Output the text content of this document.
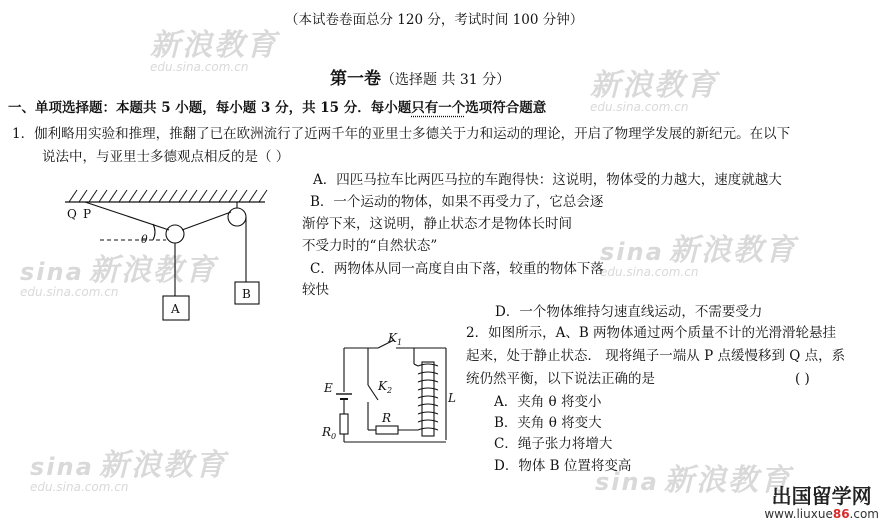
新浪教育
edu.sina.com.cn
新浪教育
edu.sina.com.cn
sina 新浪教育
edu.sina.com.cn
sina 新浪教育
edu.sina.com.cn
sina 新浪教育
edu.sina.com.cn	sina 新浪教育
（本试卷卷面总分 120 分，考试时间 100 分钟）
第一卷（选择题 共 31 分）
一、单项选择题：本题共 5 小题，每小题 3 分，共 15 分．每小题只有一个选项符合题意
1．伽利略用实验和推理，推翻了已在欧洲流行了近两千年的亚里士多德关于力和运动的理论，开启了物理学发展的新纪元。在以下
说法中，与亚里士多德观点相反的是（ ）
A．四匹马拉车比两匹马拉的车跑得快：这说明，物体受的力越大，速度就越大
B．一个运动的物体，如果不再受力了，它总会逐
渐停下来，这说明，静止状态才是物体长时间
不受力时的“自然状态”
C．两物体从同一高度自由下落，较重的物体下落
较快
D．一个物体维持匀速直线运动，不需要受力
2．如图所示，A、B 两物体通过两个质量不计的光滑滑轮悬挂
起来，处于静止状态． 现将绳子一端从 P 点缓慢移到 Q 点，系
统仍然平衡，以下说法正确的是	( )
A．夹角 θ 将变小
B．夹角 θ 将变大
C．绳子张力将增大
D．物体 B 位置将变高
Q P
θ
A
B
$K_1$
$K_2$
E
L
$R_0$
R
出国留学网
www.liuxue86.com
